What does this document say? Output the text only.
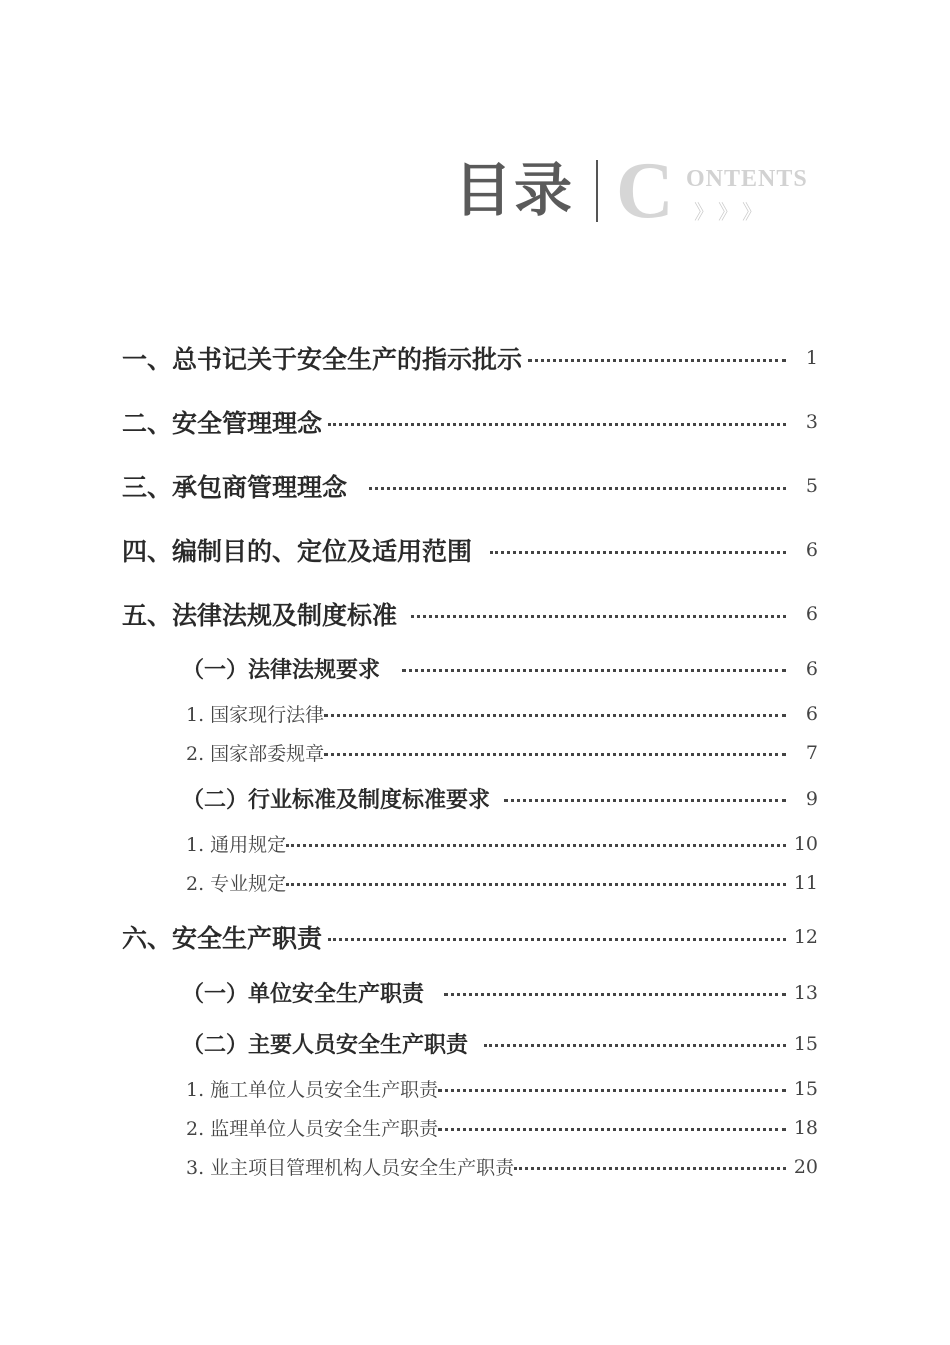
目录 C ONTENTS
》》》
一、总书记关于安全生产的指示批示	1
二、安全管理理念	3
三、承包商管理理念	5
四、编制目的、定位及适用范围	6
五、法律法规及制度标准	6
（一）法律法规要求	6
1. 国家现行法律	6
2. 国家部委规章	7
（二）行业标准及制度标准要求	9
1. 通用规定	10
2. 专业规定	11
六、安全生产职责	12
（一）单位安全生产职责	13
（二）主要人员安全生产职责	15
1. 施工单位人员安全生产职责	15
2. 监理单位人员安全生产职责	18
3. 业主项目管理机构人员安全生产职责	20
